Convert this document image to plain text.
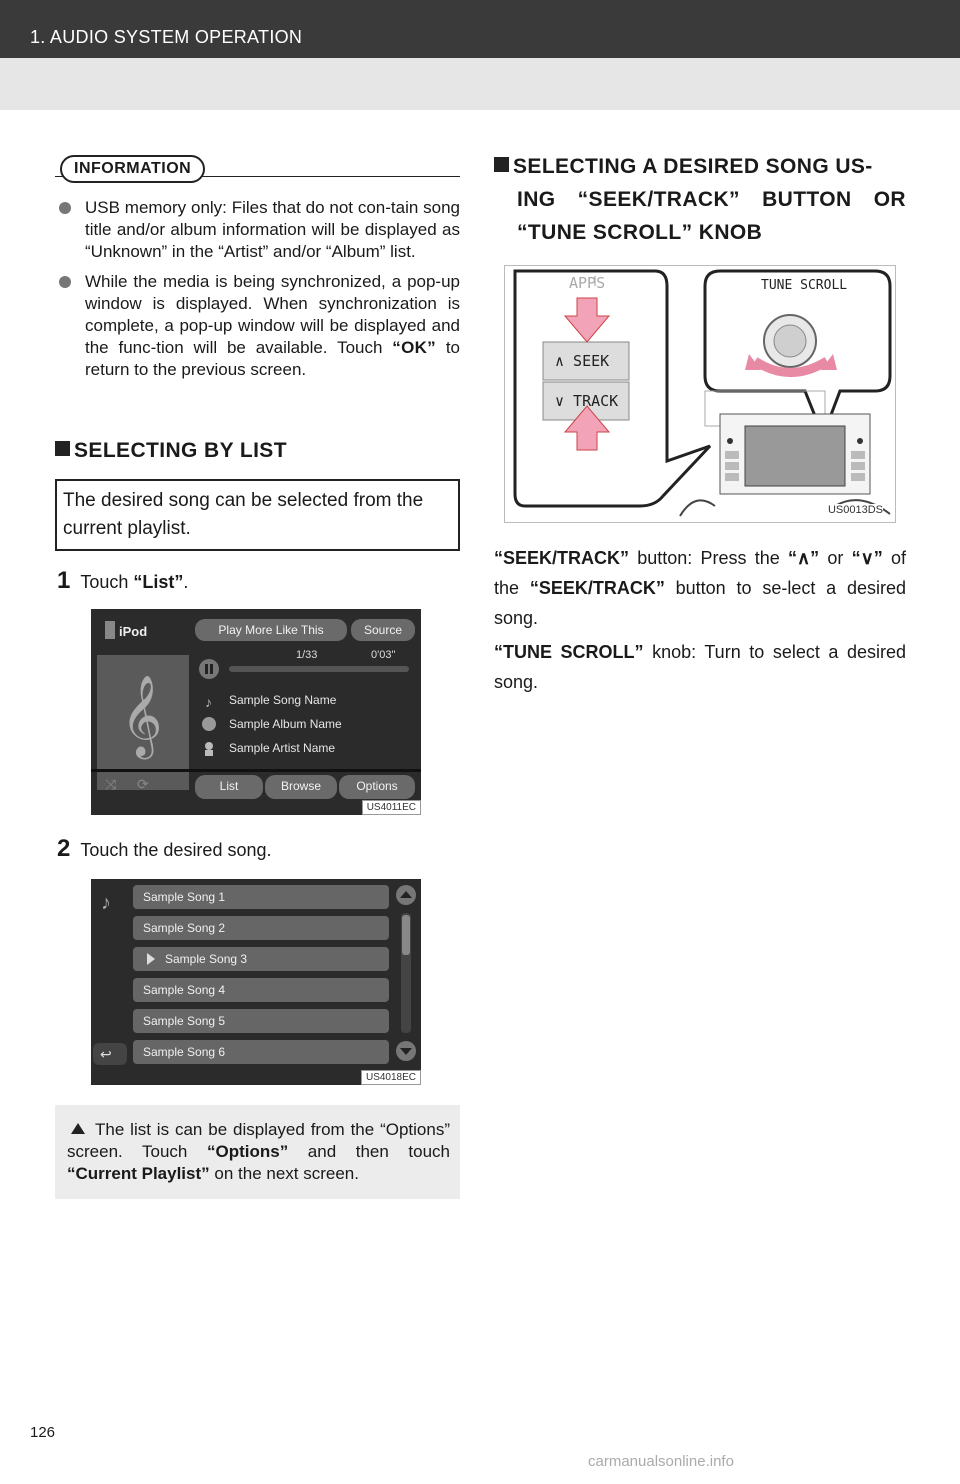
1. AUDIO SYSTEM OPERATION
INFORMATION
USB memory only: Files that do not con-tain song title and/or album information will be displayed as “Unknown” in the “Artist” and/or “Album” list.
While the media is being synchronized, a pop-up window is displayed. When synchronization is complete, a pop-up window will be displayed and the func-tion will be available. Touch “OK” to return to the previous screen.
SELECTING BY LIST
The desired song can be selected from the current playlist.
1 Touch “List”.
𝄞	♪
⤨ ⟳
iPod	Play More Like This	Source
1/33	0'03"
Sample Song Name
Sample Album Name
Sample Artist Name
List	Browse	Options
US4011EC
2 Touch the desired song.
♪
↩
Sample Song 1
Sample Song 2
Sample Song 3
Sample Song 4
Sample Song 5
Sample Song 6
US4018EC
The list is can be displayed from the “Options” screen. Touch “Options” and then touch “Current Playlist” on the next screen.
SELECTING A DESIRED SONG US-
ING “SEEK/TRACK” BUTTON OR
“TUNE SCROLL” KNOB
APPS
∧ SEEK
∨ TRACK
TUNE SCROLL
US0013DS
“SEEK/TRACK” button: Press the “∧” or “∨” of the “SEEK/TRACK” button to se-lect a desired song.
“TUNE SCROLL” knob: Turn to select a desired song.
126
carmanualsonline.info
